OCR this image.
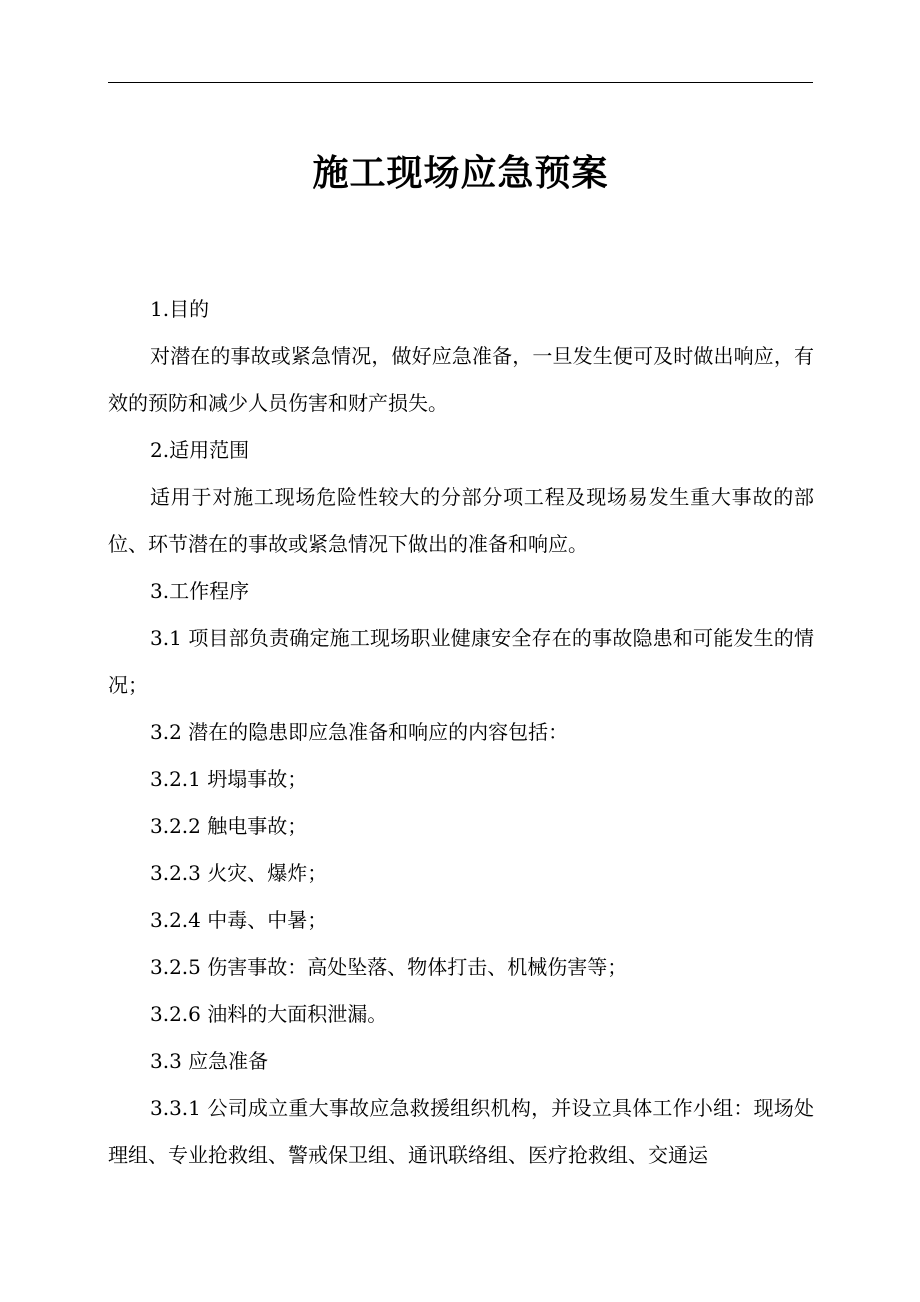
施工现场应急预案

1.目的

对潜在的事故或紧急情况，做好应急准备，一旦发生便可及时做出响应，有效的预防和减少人员伤害和财产损失。

2.适用范围

适用于对施工现场危险性较大的分部分项工程及现场易发生重大事故的部位、环节潜在的事故或紧急情况下做出的准备和响应。

3.工作程序

3.1 项目部负责确定施工现场职业健康安全存在的事故隐患和可能发生的情况；

3.2 潜在的隐患即应急准备和响应的内容包括：

3.2.1 坍塌事故；

3.2.2 触电事故；

3.2.3 火灾、爆炸；

3.2.4 中毒、中暑；

3.2.5 伤害事故：高处坠落、物体打击、机械伤害等；

3.2.6 油料的大面积泄漏。

3.3 应急准备

3.3.1 公司成立重大事故应急救援组织机构，并设立具体工作小组：现场处理组、专业抢救组、警戒保卫组、通讯联络组、医疗抢救组、交通运
